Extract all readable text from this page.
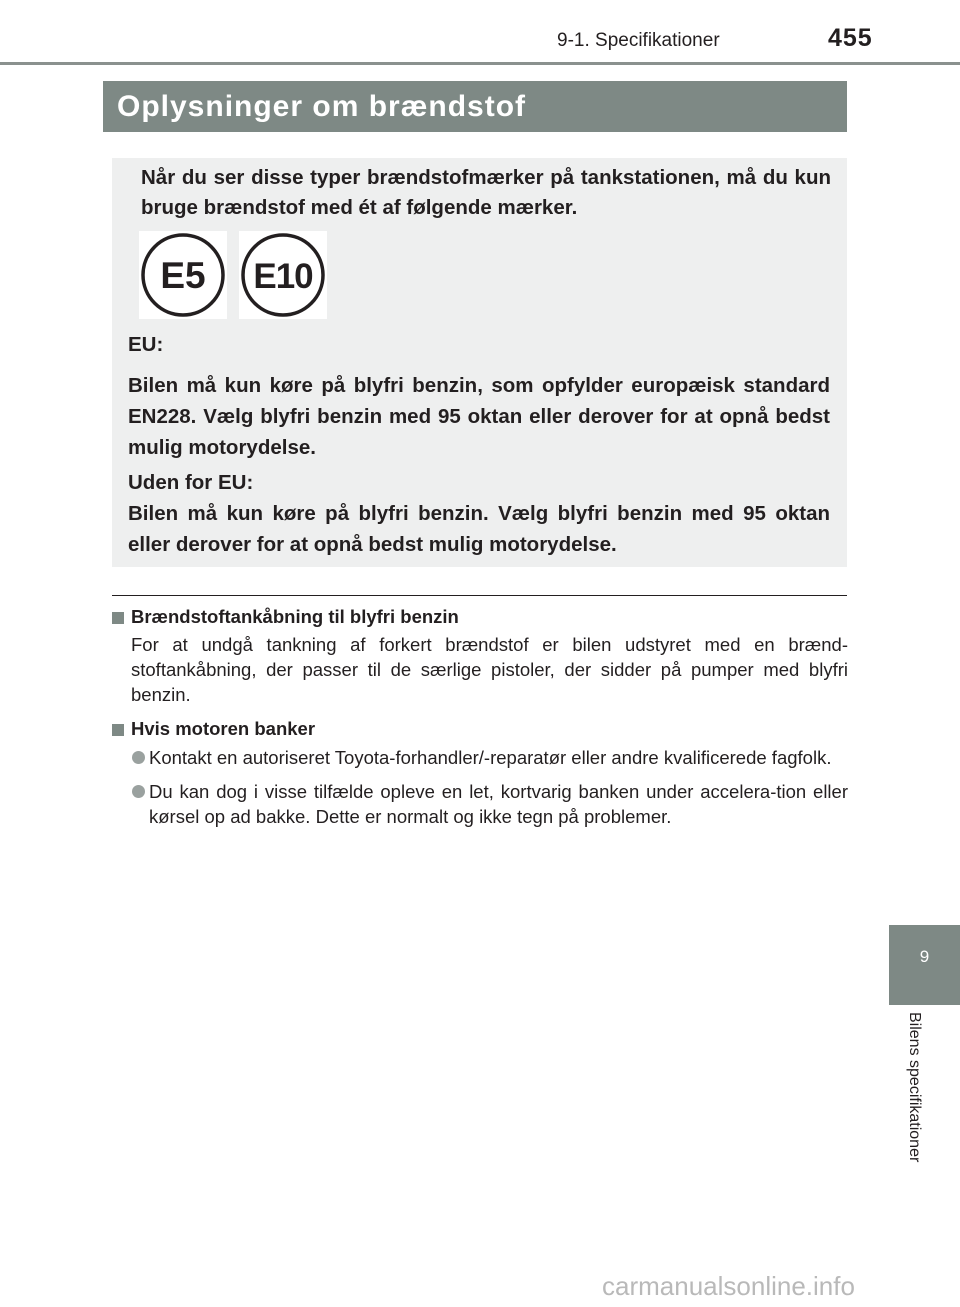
9-1. Specifikationer	455
Oplysninger om brændstof
Når du ser disse typer brændstofmærker på tankstationen, må du kun bruge brændstof med ét af følgende mærker.
E5 E10
EU:
Bilen må kun køre på blyfri benzin, som opfylder europæisk standard EN228. Vælg blyfri benzin med 95 oktan eller derover for at opnå bedst mulig motorydelse.
Uden for EU:
Bilen må kun køre på blyfri benzin. Vælg blyfri benzin med 95 oktan eller derover for at opnå bedst mulig motorydelse.
Brændstoftankåbning til blyfri benzin
For at undgå tankning af forkert brændstof er bilen udstyret med en brænd-stoftankåbning, der passer til de særlige pistoler, der sidder på pumper med blyfri benzin.
Hvis motoren banker
Kontakt en autoriseret Toyota-forhandler/-reparatør eller andre kvalificerede fagfolk.
Du kan dog i visse tilfælde opleve en let, kortvarig banken under accelera-tion eller kørsel op ad bakke. Dette er normalt og ikke tegn på problemer.
9
Bilens specifikationer
carmanualsonline.info
